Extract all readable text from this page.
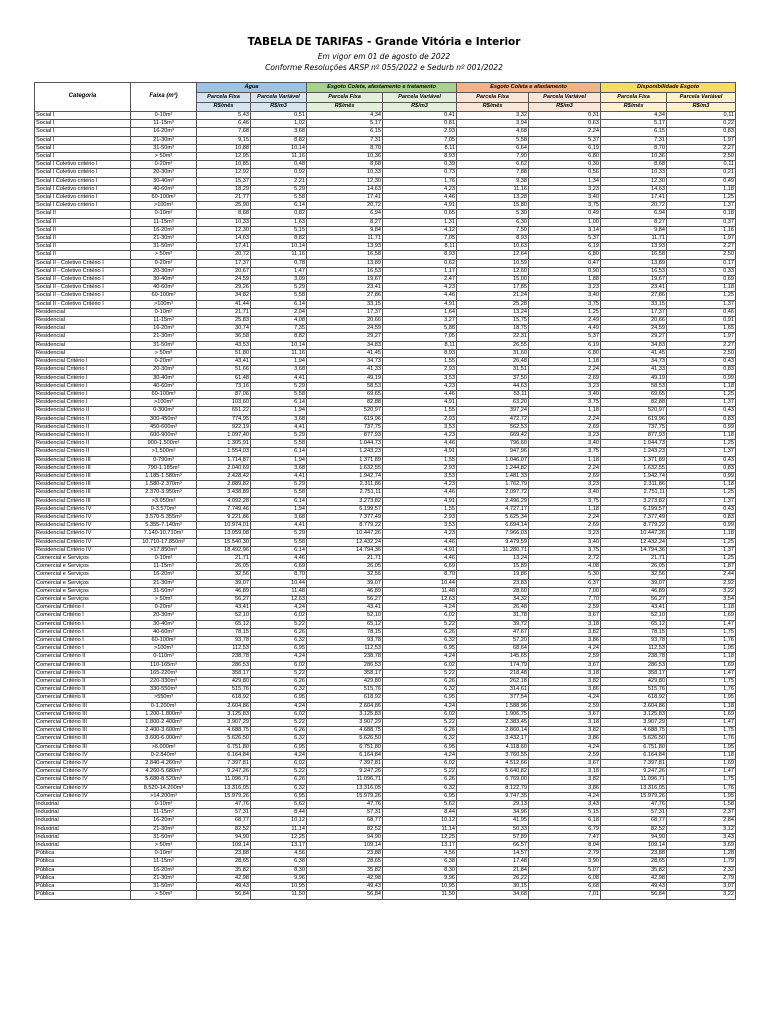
TABELA DE TARIFAS - Grande Vitória e Interior
Em vigor em 01 de agosto de 2022
Conforme Resoluções ARSP nº 055/2022 e Sedurb nº 001/2022
Categoria	Faixa (m³)	Água		Esgoto Coleta, afastamento e tratamento		Esgoto Coleta e afastamento		Disponibilidade Esgoto	
		Parcela Fixa	Parcela Variável	Parcela Fixa	Parcela Variável	Parcela Fixa	Parcela Variável	Parcela Fixa	Parcela Variável
		R$/mês	R$/m3	R$/mês	R$/m3	R$/mês	R$/m3	R$/mês	R$/m3
Social I	0-10m³	5,43	0,51	4,34	0,41	3,32	0,31	4,34	0,11
Social I	11-15m³	6,46	1,02	5,17	0,81	3,94	0,63	5,17	0,22
Social I	16-20m³	7,68	3,68	6,15	2,93	4,68	2,24	6,15	0,83
Social I	21-30m³	9,15	8,82	7,31	7,05	5,58	5,37	7,31	1,97
Social I	31-50m³	10,88	10,14	8,70	8,11	6,64	6,19	8,70	2,27
Social I	> 50m³	12,95	11,16	10,36	8,93	7,90	6,80	10,36	2,50
Social I Coletivo critério I	0-20m³	10,85	0,48	8,68	0,39	6,62	0,30	8,68	0,11
Social I Coletivo critério I	20-30m³	12,92	0,92	10,33	0,73	7,88	0,56	10,33	0,21
Social I Coletivo critério I	30-40m³	15,37	2,21	12,30	1,76	9,38	1,34	12,30	0,49
Social I Coletivo critério I	40-60m³	18,29	5,29	14,63	4,23	11,16	3,23	14,63	1,18
Social I Coletivo critério I	60-100m³	21,77	5,58	17,41	4,46	13,28	3,40	17,41	1,25
Social I Coletivo critério I	>100m³	25,90	6,14	20,72	4,91	15,80	3,75	20,72	1,37
Social II	0-10m³	8,68	0,82	6,94	0,65	5,30	0,49	6,94	0,18
Social II	11-15m³	10,33	1,63	8,27	1,31	6,30	1,00	8,27	0,37
Social II	16-20m³	12,30	5,15	9,84	4,12	7,50	3,14	9,84	1,16
Social II	21-30m³	14,63	8,82	11,71	7,05	8,93	5,37	11,71	1,97
Social II	31-50m³	17,41	10,14	13,93	8,11	10,63	6,19	13,93	2,27
Social II	> 50m³	20,72	11,16	16,58	8,93	12,64	6,80	16,58	2,50
Social II - Coletivo Critério I	0-20m³	17,37	0,78	13,89	0,62	10,59	0,47	13,89	0,17
Social II - Coletivo Critério I	20-30m³	20,67	1,47	16,53	1,17	12,60	0,90	16,53	0,33
Social II - Coletivo Critério I	30-40m³	24,59	3,09	19,67	2,47	15,00	1,88	19,67	0,69
Social II - Coletivo Critério I	40-60m³	29,26	5,29	23,41	4,23	17,85	3,23	23,41	1,18
Social II - Coletivo Critério I	60-100m³	34,82	5,58	27,86	4,46	21,24	3,40	27,86	1,25
Social II - Coletivo Critério I	>100m³	41,44	6,14	33,15	4,91	25,28	3,75	33,15	1,37
Residencial	0-10m³	21,71	2,04	17,37	1,64	13,24	1,25	17,37	0,46
Residencial	11-15m³	25,83	4,08	20,66	3,27	15,75	2,49	20,66	0,91
Residencial	16-20m³	30,74	7,35	24,59	5,88	18,75	4,49	24,59	1,65
Residencial	21-30m³	36,58	8,82	29,27	7,05	22,31	5,37	29,27	1,97
Residencial	31-50m³	43,53	10,14	34,83	8,11	26,55	6,19	34,83	2,27
Residencial	> 50m³	51,80	11,16	41,45	8,93	31,60	6,80	41,45	2,50
Residencial Critério I	0-20m³	43,41	1,94	34,73	1,55	26,48	1,18	34,73	0,43
Residencial Critério I	20-30m³	51,66	3,68	41,33	2,93	31,51	2,24	41,33	0,83
Residencial Critério I	30-40m³	61,48	4,41	49,19	3,53	37,50	2,69	49,19	0,99
Residencial Critério I	40-60m³	73,16	5,29	58,53	4,23	44,63	3,23	58,53	1,18
Residencial Critério I	60-100m³	87,06	5,58	69,65	4,46	53,11	3,40	69,65	1,25
Residencial Critério I	>100m³	103,60	6,14	82,88	4,91	63,20	3,75	82,88	1,37
Residencial Critério II	0-300m³	651,22	1,94	520,97	1,55	397,24	1,18	520,97	0,43
Residencial Critério II	300-450m³	774,95	3,68	619,96	2,93	472,72	2,24	619,96	0,83
Residencial Critério II	450-600m³	922,19	4,41	737,75	3,53	562,53	2,69	737,75	0,99
Residencial Critério II	600-900m³	1.097,40	5,29	877,93	4,23	669,42	3,23	877,93	1,18
Residencial Critério II	900-1.500m³	1.305,91	5,58	1.044,73	4,46	796,60	3,40	1.044,73	1,25
Residencial Critério II	>1.500m³	1.554,03	6,14	1.243,23	4,91	947,96	3,75	1.243,23	1,37
Residencial Critério III	0-790m³	1.714,87	1,94	1.371,89	1,55	1.046,07	1,18	1.371,89	0,43
Residencial Critério III	790-1.185m³	2.040,69	3,68	1.632,55	2,93	1.244,82	2,24	1.632,55	0,83
Residencial Critério III	1.185-1.580m³	2.428,42	4,41	1.942,74	3,53	1.481,33	2,69	1.942,74	0,99
Residencial Critério III	1.580-2.370m³	2.889,82	5,29	2.311,86	4,23	1.762,79	3,23	2.311,86	1,18
Residencial Critério III	2.370-3.950m³	3.438,89	5,58	2.751,11	4,46	2.097,72	3,40	2.751,11	1,25
Residencial Critério III	>3.950m³	4.092,28	6,14	3.273,82	4,91	2.496,29	3,75	3.273,82	1,37
Residencial Critério IV	0-3.570m³	7.749,46	1,94	6.199,57	1,55	4.727,17	1,18	6.199,57	0,43
Residencial Critério IV	3.570-5.355m³	9.221,86	3,68	7.377,49	2,93	5.625,34	2,24	7.377,49	0,83
Residencial Critério IV	5.355-7.140m³	10.974,01	4,41	8.779,22	3,53	6.694,14	2,69	8.779,22	0,99
Residencial Critério IV	7.140-10.710m³	13.059,08	5,29	10.447,26	4,23	7.966,03	3,23	10.447,26	1,18
Residencial Critério IV	10.710-17.850m³	15.540,30	5,58	12.432,24	4,46	9.479,59	3,40	12.432,24	1,25
Residencial Critério IV	>17.850m³	18.492,96	6,14	14.794,36	4,91	11.280,71	3,75	14.794,36	1,37
Comercial e Serviços	0-10m³	21,71	4,46	21,71	4,46	13,24	2,72	21,71	1,25
Comercial e Serviços	11-15m³	26,05	6,69	26,05	6,69	15,89	4,08	26,05	1,87
Comercial e Serviços	16-20m³	32,56	8,70	32,56	8,70	19,86	5,30	32,56	2,44
Comercial e Serviços	21-30m³	39,07	10,44	39,07	10,44	23,83	6,37	39,07	2,92
Comercial e Serviços	31-50m³	46,89	11,48	46,89	11,48	28,60	7,00	46,89	3,22
Comercial e Serviços	> 50m³	56,27	12,63	56,27	12,63	34,32	7,70	56,27	3,54
Comercial Critério I	0-20m³	43,41	4,24	43,41	4,24	26,48	2,59	43,41	1,18
Comercial Critério I	20-30m³	52,10	6,02	52,10	6,02	31,78	3,67	52,10	1,69
Comercial Critério I	30-40m³	65,12	5,22	65,12	5,22	39,72	3,18	65,12	1,47
Comercial Critério I	40-60m³	78,15	6,26	78,15	6,26	47,67	3,82	78,15	1,75
Comercial Critério I	60-100m³	93,78	6,32	93,78	6,32	57,20	3,86	93,78	1,76
Comercial Critério I	>100m³	112,53	6,95	112,53	6,95	68,64	4,24	112,53	1,95
Comercial Critério II	0-110m³	238,78	4,24	238,78	4,24	145,65	2,59	238,78	1,18
Comercial Critério II	110-165m³	286,53	6,02	286,53	6,02	174,79	3,67	286,53	1,69
Comercial Critério II	165-220m³	358,17	5,22	358,17	5,22	218,48	3,18	358,17	1,47
Comercial Critério II	220-330m³	429,80	6,26	429,80	6,26	262,18	3,82	429,80	1,75
Comercial Critério II	330-550m³	515,76	6,32	515,76	6,32	314,61	3,86	515,76	1,76
Comercial Critério II	>550m³	618,92	6,95	618,92	6,95	377,54	4,24	618,92	1,95
Comercial Critério III	0-1.200m³	2.604,86	4,24	2.604,86	4,24	1.588,96	2,59	2.604,86	1,18
Comercial Critério III	1.200-1.800m³	3.125,83	6,02	3.125,83	6,02	1.906,75	3,67	3.125,83	1,69
Comercial Critério III	1.800-2.400m³	3.907,29	5,22	3.907,29	5,22	2.383,45	3,18	3.907,29	1,47
Comercial Critério III	2.400-3.600m³	4.688,75	6,26	4.688,75	6,26	2.860,14	3,82	4.688,75	1,75
Comercial Critério III	3.600-6.000m³	5.626,50	6,32	5.626,50	6,32	3.432,17	3,86	5.626,50	1,76
Comercial Critério III	>6.000m³	6.751,80	6,95	6.751,80	6,95	4.118,60	4,24	6.751,80	1,95
Comercial Critério IV	0-2.840m³	6.164,84	4,24	6.164,84	4,24	3.760,55	2,59	6.164,84	1,18
Comercial Critério IV	2.840-4.260m³	7.397,81	6,02	7.397,81	6,02	4.512,66	3,67	7.397,81	1,69
Comercial Critério IV	4.260-5.680m³	9.247,26	5,22	9.247,26	5,22	5.640,82	3,18	9.247,26	1,47
Comercial Critério IV	5.680-8.520m³	11.096,71	6,26	11.096,71	6,26	6.769,00	3,82	11.096,71	1,75
Comercial Critério IV	8.520-14.200m³	13.316,05	6,32	13.316,05	6,32	8.122,79	3,86	13.316,05	1,76
Comercial Critério IV	>14.200m³	15.979,26	6,95	15.979,26	6,95	9.747,35	4,24	15.979,26	1,95
Industrial	0-10m³	47,76	5,62	47,76	5,62	29,13	3,43	47,76	1,58
Industrial	11-15m³	57,31	8,44	57,31	8,44	34,96	5,15	57,31	2,37
Industrial	16-20m³	68,77	10,12	68,77	10,12	41,95	6,18	68,77	2,84
Industrial	21-30m³	82,52	11,14	82,52	11,14	50,33	6,79	82,52	3,12
Industrial	31-50m³	94,90	12,25	94,90	12,25	57,89	7,47	94,90	3,43
Industrial	> 50m³	109,14	13,17	109,14	13,17	66,57	8,04	109,14	3,69
Pública	0-10m³	23,88	4,56	23,88	4,56	14,57	2,79	23,88	1,28
Pública	11-15m³	28,65	6,38	28,65	6,38	17,48	3,90	28,65	1,79
Pública	16-20m³	35,82	8,30	35,82	8,30	21,84	5,07	35,82	2,32
Pública	21-30m³	42,98	9,96	42,98	9,96	26,22	6,08	42,98	2,79
Pública	31-50m³	49,43	10,95	49,43	10,95	30,15	6,68	49,43	3,07
Pública	> 50m³	56,84	11,50	56,84	11,50	34,68	7,01	56,84	3,22
